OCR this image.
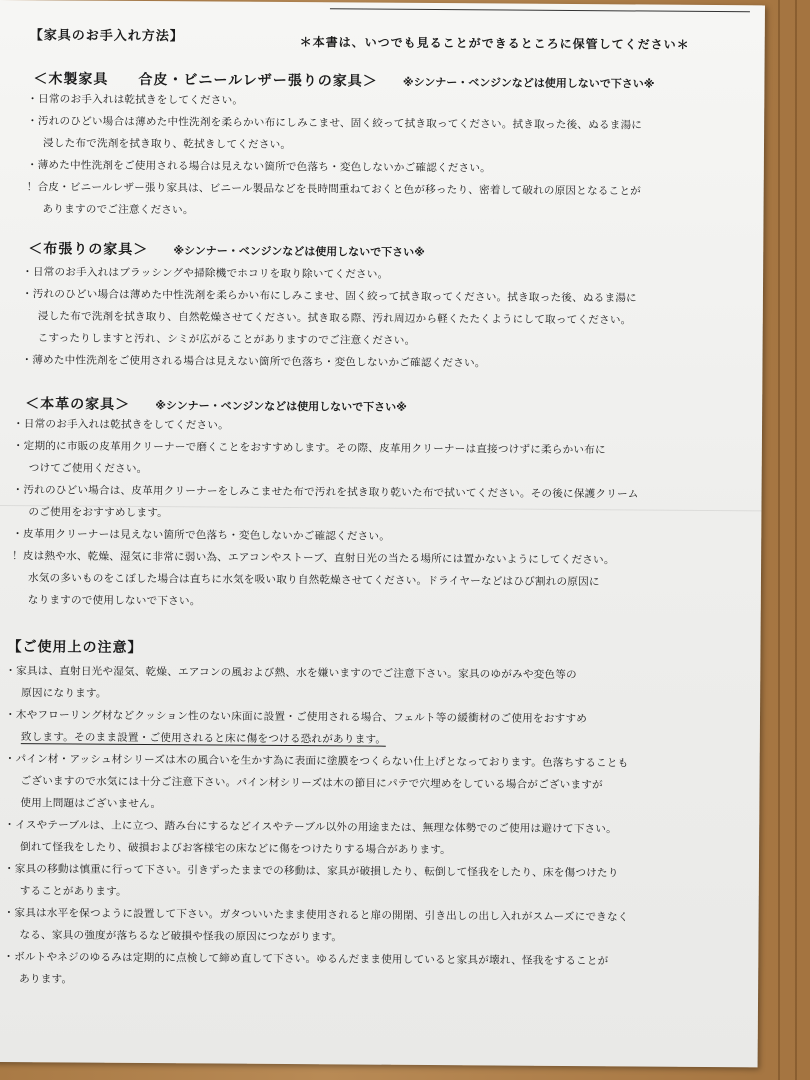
【家具のお手入れ方法】	＊本書は、いつでも見ることができるところに保管してください＊
＜木製家具　　合皮・ビニールレザー張りの家具＞ ※シンナー・ベンジンなどは使用しないで下さい※
・日常のお手入れは乾拭きをしてください。
・汚れのひどい場合は薄めた中性洗剤を柔らかい布にしみこませ、固く絞って拭き取ってください。拭き取った後、ぬるま湯に
浸した布で洗剤を拭き取り、乾拭きしてください。
・薄めた中性洗剤をご使用される場合は見えない箇所で色落ち・変色しないかご確認ください。
！合皮・ビニールレザー張り家具は、ビニール製品などを長時間重ねておくと色が移ったり、密着して破れの原因となることが
ありますのでご注意ください。
＜布張りの家具＞ ※シンナー・ベンジンなどは使用しないで下さい※
・日常のお手入れはブラッシングや掃除機でホコリを取り除いてください。
・汚れのひどい場合は薄めた中性洗剤を柔らかい布にしみこませ、固く絞って拭き取ってください。拭き取った後、ぬるま湯に
浸した布で洗剤を拭き取り、自然乾燥させてください。拭き取る際、汚れ周辺から軽くたたくようにして取ってください。
こすったりしますと汚れ、シミが広がることがありますのでご注意ください。
・薄めた中性洗剤をご使用される場合は見えない箇所で色落ち・変色しないかご確認ください。
＜本革の家具＞ ※シンナー・ベンジンなどは使用しないで下さい※
・日常のお手入れは乾拭きをしてください。
・定期的に市販の皮革用クリーナーで磨くことをおすすめします。その際、皮革用クリーナーは直接つけずに柔らかい布に
つけてご使用ください。
・汚れのひどい場合は、皮革用クリーナーをしみこませた布で汚れを拭き取り乾いた布で拭いてください。その後に保護クリーム
のご使用をおすすめします。
・皮革用クリーナーは見えない箇所で色落ち・変色しないかご確認ください。
！皮は熱や水、乾燥、湿気に非常に弱い為、エアコンやストーブ、直射日光の当たる場所には置かないようにしてください。
水気の多いものをこぼした場合は直ちに水気を吸い取り自然乾燥させてください。ドライヤーなどはひび割れの原因に
なりますので使用しないで下さい。
【ご使用上の注意】
・家具は、直射日光や湿気、乾燥、エアコンの風および熱、水を嫌いますのでご注意下さい。家具のゆがみや変色等の
原因になります。
・木やフローリング材などクッション性のない床面に設置・ご使用される場合、フェルト等の緩衝材のご使用をおすすめ
致します。そのまま設置・ご使用されると床に傷をつける恐れがあります。
・パイン材・アッシュ材シリーズは木の風合いを生かす為に表面に塗膜をつくらない仕上げとなっております。色落ちすることも
ございますので水気には十分ご注意下さい。パイン材シリーズは木の節目にパテで穴埋めをしている場合がございますが
使用上問題はございません。
・イスやテーブルは、上に立つ、踏み台にするなどイスやテーブル以外の用途または、無理な体勢でのご使用は避けて下さい。
倒れて怪我をしたり、破損およびお客様宅の床などに傷をつけたりする場合があります。
・家具の移動は慎重に行って下さい。引きずったままでの移動は、家具が破損したり、転倒して怪我をしたり、床を傷つけたり
することがあります。
・家具は水平を保つように設置して下さい。ガタついいたまま使用されると扉の開閉、引き出しの出し入れがスムーズにできなく
なる、家具の強度が落ちるなど破損や怪我の原因につながります。
・ボルトやネジのゆるみは定期的に点検して締め直して下さい。ゆるんだまま使用していると家具が壊れ、怪我をすることが
あります。
